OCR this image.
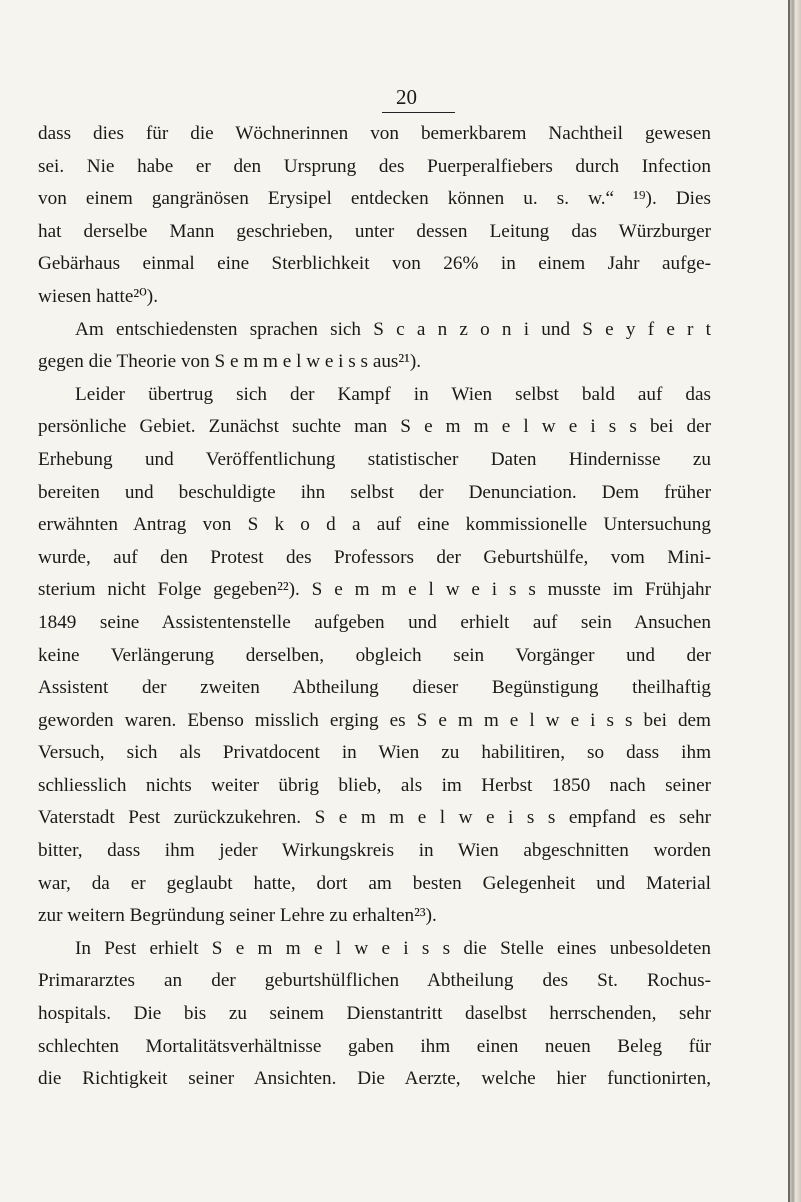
20
dass dies für die Wöchnerinnen von bemerkbarem Nachtheil gewesen
sei. Nie habe er den Ursprung des Puerperalfiebers durch Infection
von einem gangränösen Erysipel entdecken können u. s. w.“ ¹⁹). Dies
hat derselbe Mann geschrieben, unter dessen Leitung das Würzburger
Gebärhaus einmal eine Sterblichkeit von 26% in einem Jahr aufge-
wiesen hatte²⁰).
Am entschiedensten sprachen sich S c a n z o n i und S e y f e r t
gegen die Theorie von S e m m e l w e i s s aus²¹).
Leider übertrug sich der Kampf in Wien selbst bald auf das
persönliche Gebiet. Zunächst suchte man S e m m e l w e i s s bei der
Erhebung und Veröffentlichung statistischer Daten Hindernisse zu
bereiten und beschuldigte ihn selbst der Denunciation. Dem früher
erwähnten Antrag von S k o d a auf eine kommissionelle Untersuchung
wurde, auf den Protest des Professors der Geburtshülfe, vom Mini-
sterium nicht Folge gegeben²²). S e m m e l w e i s s musste im Frühjahr
1849 seine Assistentenstelle aufgeben und erhielt auf sein Ansuchen
keine Verlängerung derselben, obgleich sein Vorgänger und der
Assistent der zweiten Abtheilung dieser Begünstigung theilhaftig
geworden waren. Ebenso misslich erging es S e m m e l w e i s s bei dem
Versuch, sich als Privatdocent in Wien zu habilitiren, so dass ihm
schliesslich nichts weiter übrig blieb, als im Herbst 1850 nach seiner
Vaterstadt Pest zurückzukehren. S e m m e l w e i s s empfand es sehr
bitter, dass ihm jeder Wirkungskreis in Wien abgeschnitten worden
war, da er geglaubt hatte, dort am besten Gelegenheit und Material
zur weitern Begründung seiner Lehre zu erhalten²³).
In Pest erhielt S e m m e l w e i s s die Stelle eines unbesoldeten
Primararztes an der geburtshülflichen Abtheilung des St. Rochus-
hospitals. Die bis zu seinem Dienstantritt daselbst herrschenden, sehr
schlechten Mortalitätsverhältnisse gaben ihm einen neuen Beleg für
die Richtigkeit seiner Ansichten. Die Aerzte, welche hier functionirten,
